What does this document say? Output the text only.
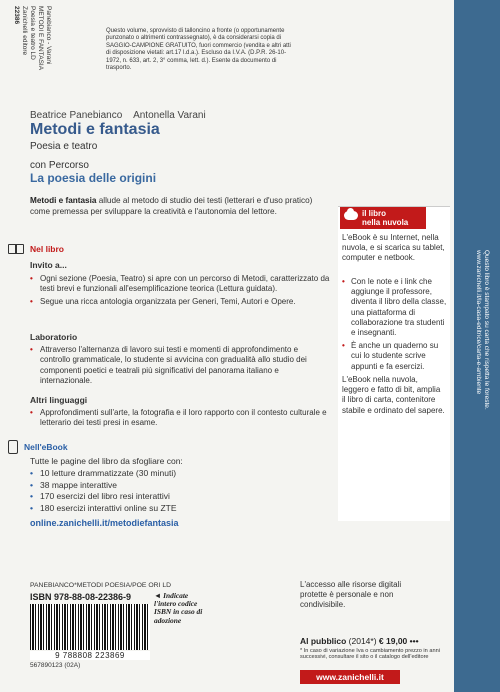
Panebianco - Varani
METODI E FANTASIA
Poesia e teatro LD
Zanichelli editore
22386
Questo volume, sprovvisto di talloncino a fronte (o opportunamente punzonato o altrimenti contrassegnato), è da considerarsi copia di SAGGIO-CAMPIONE GRATUITO, fuori commercio (vendita e altri atti di disposizione vietati: art.17 l.d.a.). Escluso da I.V.A. (D.P.R. 26-10-1972, n. 633, art. 2, 3° comma, lett. d.). Esente da documento di trasporto.
Beatrice Panebianco Antonella Varani
Metodi e fantasia
Poesia e teatro
con Percorso
La poesia delle origini
Metodi e fantasia allude al metodo di studio dei testi (letterari e d'uso pratico) come premessa per sviluppare la creatività e l'autonomia del lettore.
Nel libro
Invito a...
• Ogni sezione (Poesia, Teatro) si apre con un percorso di Metodi, caratterizzato da testi brevi e funzionali all'esemplificazione teorica (Lettura guidata).
• Segue una ricca antologia organizzata per Generi, Temi, Autori e Opere.
Laboratorio
• Attraverso l'alternanza di lavoro sui testi e momenti di approfondimento e controllo grammaticale, lo studente si avvicina con gradualità allo studio dei componenti poetici e teatrali più significativi del panorama italiano e internazionale.
Altri linguaggi
• Approfondimenti sull'arte, la fotografia e il loro rapporto con il contesto culturale e letterario dei testi presi in esame.
Nell'eBook
Tutte le pagine del libro da sfogliare con:
• 10 letture drammatizzate (30 minuti)
• 38 mappe interattive
• 170 esercizi del libro resi interattivi
• 180 esercizi interattivi online su ZTE
online.zanichelli.it/metodiefantasia
il libro
nella nuvola
L'eBook è su Internet, nella nuvola, e si scarica su tablet, computer e netbook.
• Con le note e i link che aggiunge il professore, diventa il libro della classe, una piattaforma di collaborazione tra studenti e insegnanti.
• È anche un quaderno su cui lo studente scrive appunti e fa esercizi.
L'eBook nella nuvola, leggero e fatto di bit, amplia il libro di carta, contenitore stabile e ordinato del sapere.
L'accesso alle risorse digitali protette è personale e non condivisibile.
PANEBIANCO*METODI POESIA/POE ORI LD
ISBN 978-88-08-22386-9	◄ Indicate l'intero codice ISBN in caso di adozione
9 788808 223869
567890123 (02A)
Al pubblico (2014*) € 19,00 •••
* In caso di variazione Iva o cambiamento prezzo in anni successivi, consultare il sito o il catalogo dell'editore
www.zanichelli.it
Questo libro è stampato su carta che rispetta le foreste.
www.zanichelli.it/la-casa-editrice/carta-e-ambiente
